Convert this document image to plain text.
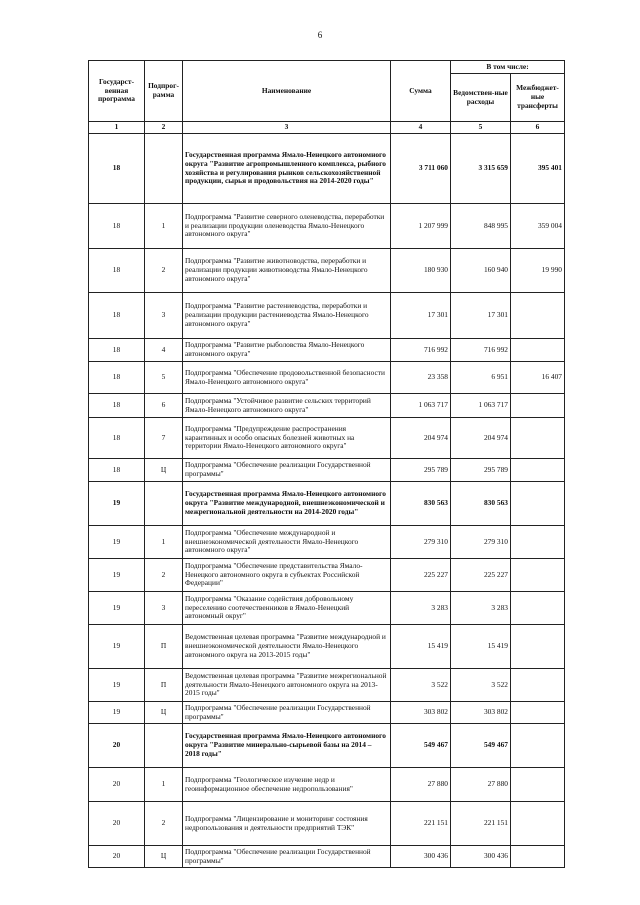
6
Государст-венная программа	Подпрог-рамма	Наименование	Сумма	В том числе:	
				Ведомствен-ные расходы	Межбюджет-ные трансферты
1	2	3	4	5	6
18		Государственная программа Ямало-Ненецкого автономного округа "Развитие агропромышленного комплекса, рыбного хозяйства и регулирования рынков сельскохозяйственной продукции, сырья и продовольствия на 2014-2020 годы"	3 711 060	3 315 659	395 401
18	1	Подпрограмма "Развитие северного оленеводства, переработки и реализации продукции оленеводства Ямало-Ненецкого автономного округа"	1 207 999	848 995	359 004
18	2	Подпрограмма "Развитие животноводства, переработки и реализации продукции животноводства Ямало-Ненецкого автономного округа"	180 930	160 940	19 990
18	3	Подпрограмма "Развитие растениеводства, переработки и реализации продукции растениеводства Ямало-Ненецкого автономного округа"	17 301	17 301	
18	4	Подпрограмма "Развитие рыболовства Ямало-Ненецкого автономного округа"	716 992	716 992	
18	5	Подпрограмма "Обеспечение продовольственной безопасности Ямало-Ненецкого автономного округа"	23 358	6 951	16 407
18	6	Подпрограмма "Устойчивое развитие сельских территорий Ямало-Ненецкого автономного округа"	1 063 717	1 063 717	
18	7	Подпрограмма "Предупреждение распространения карантинных и особо опасных болезней животных на территории Ямало-Ненецкого автономного округа"	204 974	204 974	
18	Ц	Подпрограмма "Обеспечение реализации Государственной программы"	295 789	295 789	
19		Государственная программа Ямало-Ненецкого автономного округа "Развитие международной, внешнеэкономической и межрегиональной деятельности на 2014-2020 годы"	830 563	830 563	
19	1	Подпрограмма "Обеспечение международной и внешнеэкономической деятельности Ямало-Ненецкого автономного округа"	279 310	279 310	
19	2	Подпрограмма "Обеспечение представительства Ямало-Ненецкого автономного округа в субъектах Российской Федерации"	225 227	225 227	
19	3	Подпрограмма "Оказание содействия добровольному переселению соотечественников в Ямало-Ненецкий автономный округ"	3 283	3 283	
19	П	Ведомственная целевая программа "Развитие международной и внешнеэкономической деятельности Ямало-Ненецкого автономного округа на 2013-2015 годы"	15 419	15 419	
19	П	Ведомственная целевая программа "Развитие межрегиональной деятельности Ямало-Ненецкого автономного округа на 2013-2015 годы"	3 522	3 522	
19	Ц	Подпрограмма "Обеспечение реализации Государственной программы"	303 802	303 802	
20		Государственная программа Ямало-Ненецкого автономного округа "Развитие минерально-сырьевой базы на 2014 – 2018 годы"	549 467	549 467	
20	1	Подпрограмма "Геологическое изучение недр и геоинформационное обеспечение недропользования"	27 880	27 880	
20	2	Подпрограмма "Лицензирование и мониторинг состояния недропользования и деятельности предприятий ТЭК"	221 151	221 151	
20	Ц	Подпрограмма "Обеспечение реализации Государственной программы"	300 436	300 436	
